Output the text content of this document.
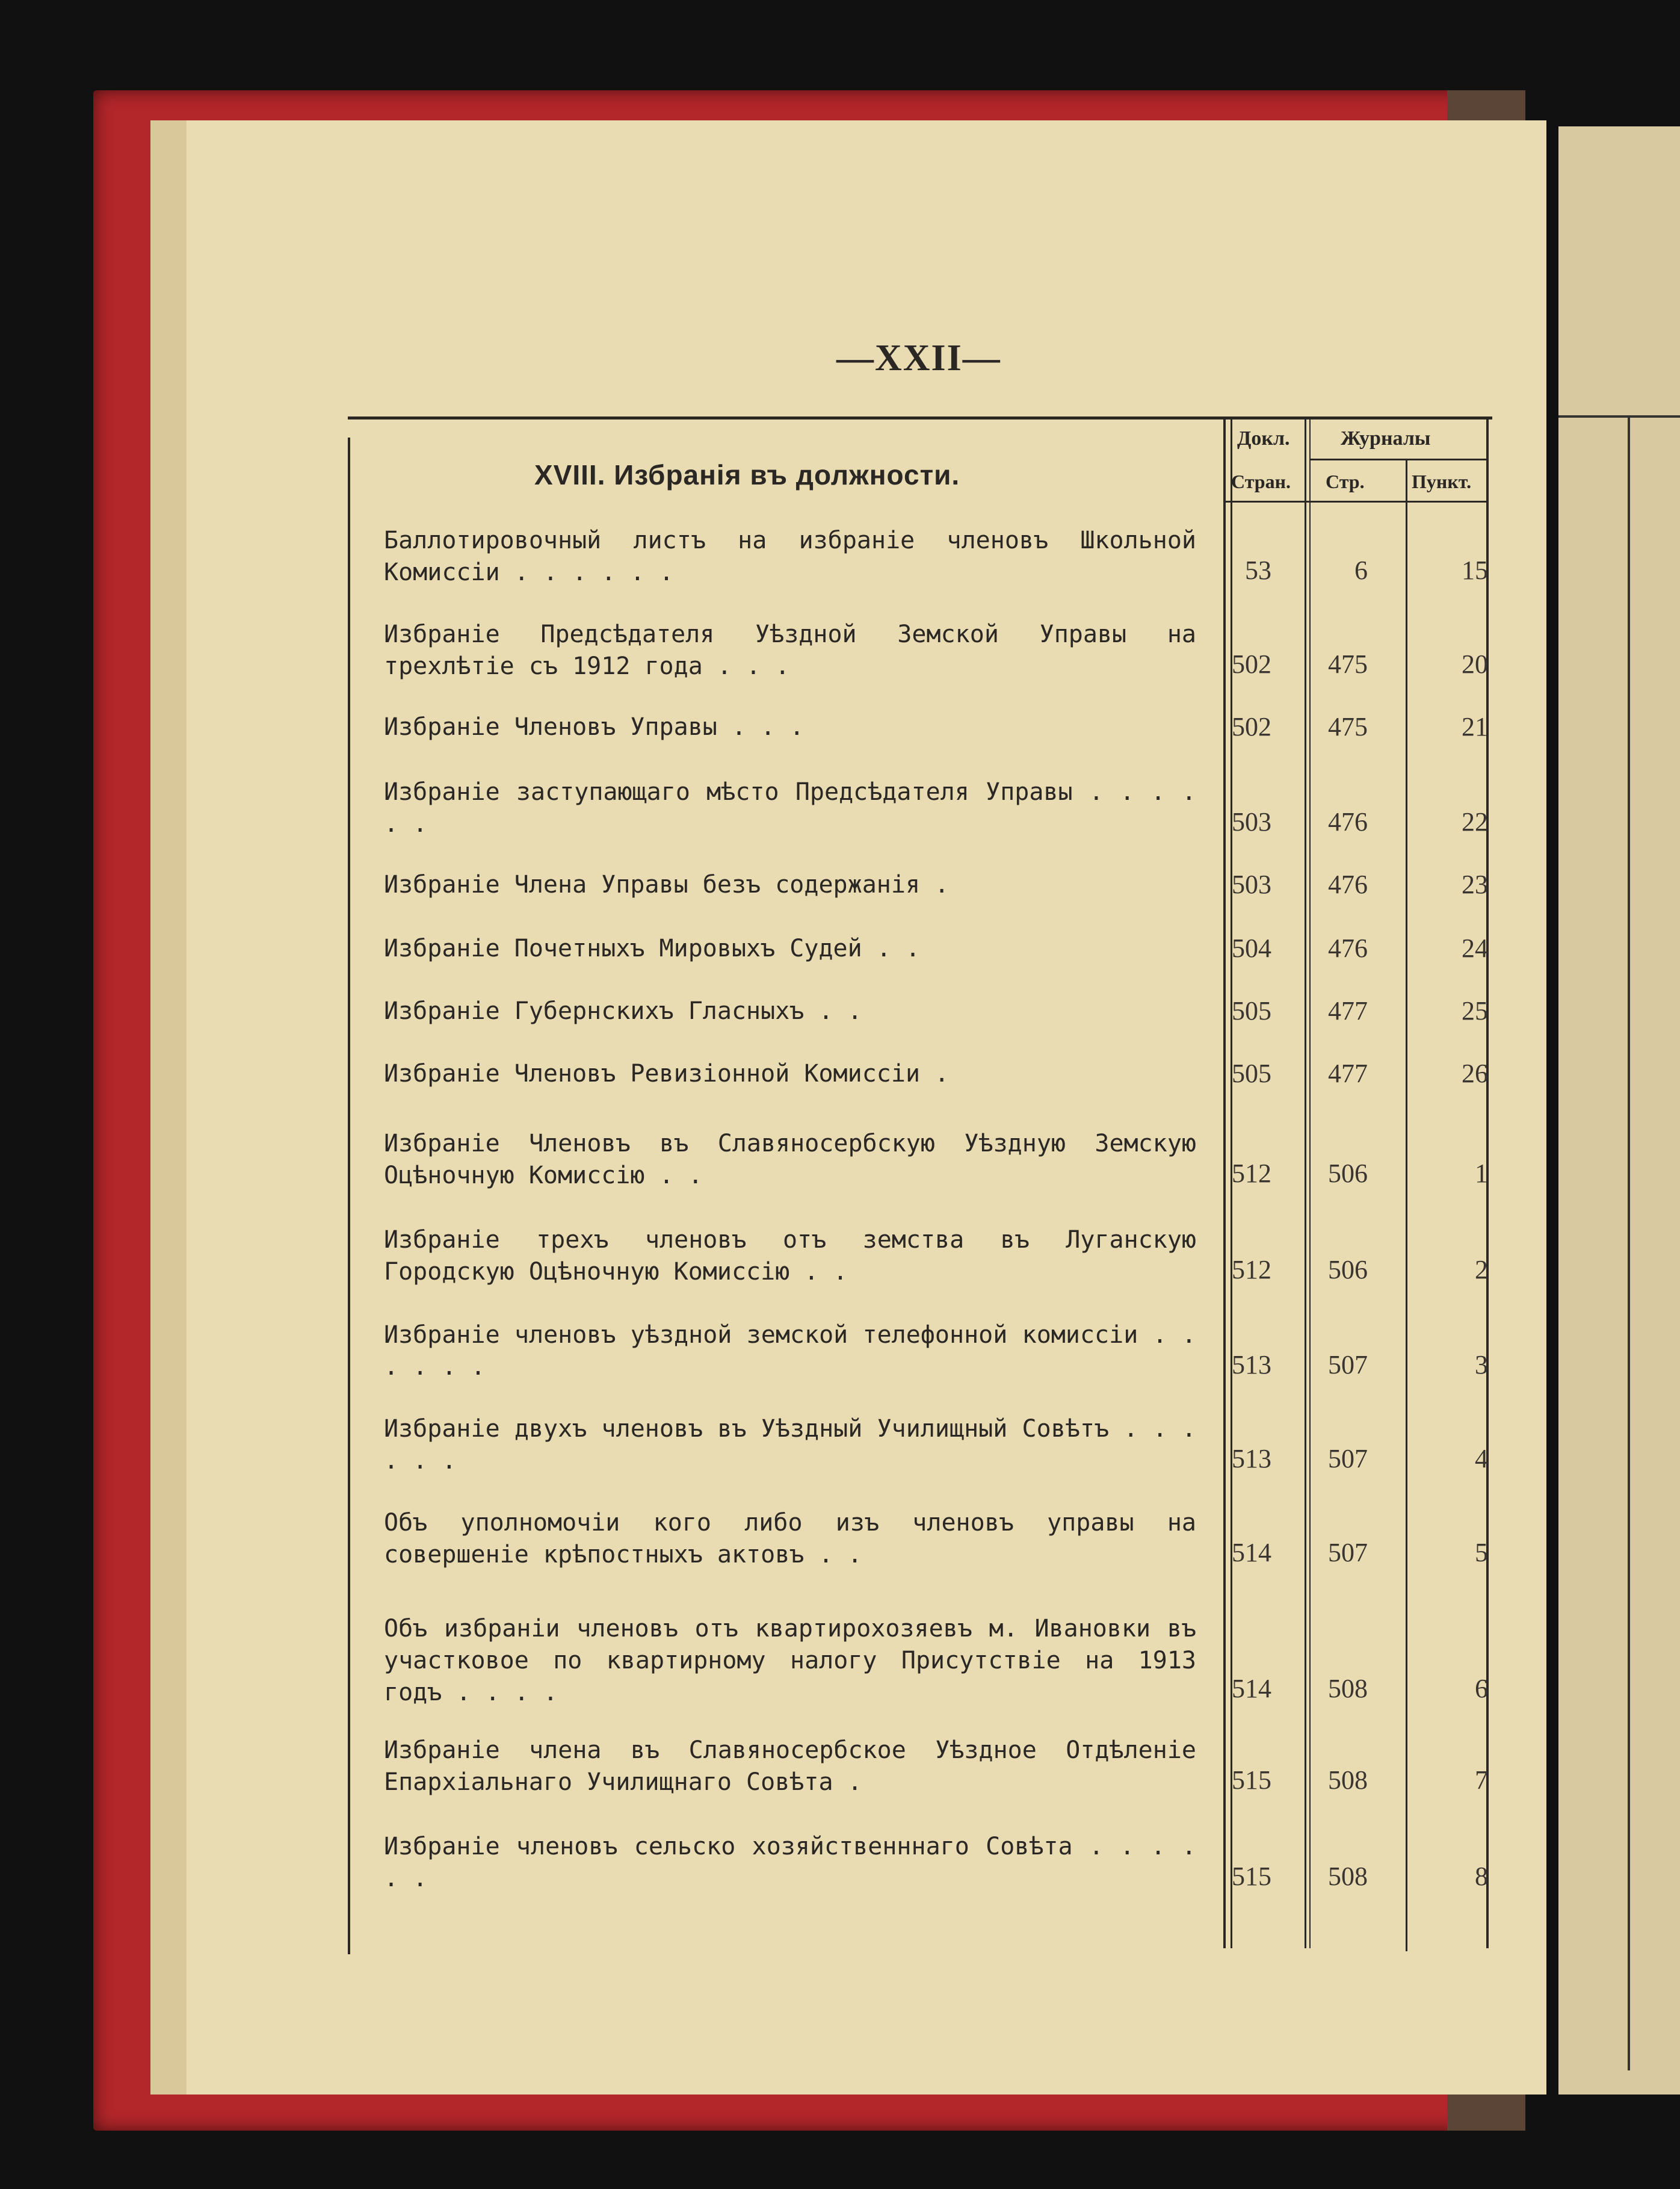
—XXII—
Докл.
Стран.
Журналы
Стр. Пункт.
XVIII. Избранія въ должности.
Баллотировочный листъ на избраніе членовъ Школьной Комиссіи . . . . . .	53	6	15
Избраніе Предсѣдателя Уѣздной Земской Управы на трехлѣтіе съ 1912 года . . .	502	475	20
Избраніе Членовъ Управы . . .	502	475	21
Избраніе заступающаго мѣсто Предсѣдателя Управы . . . . . .	503	476	22
Избраніе Члена Управы безъ содержанія .	503	476	23
Избраніе Почетныхъ Мировыхъ Судей . .	504	476	24
Избраніе Губернскихъ Гласныхъ . .	505	477	25
Избраніе Членовъ Ревизіонной Комиссіи .	505	477	26
Избраніе Членовъ въ Славяносербскую Уѣздную Земскую Оцѣночную Комиссію . .	512	506	1
Избраніе трехъ членовъ отъ земства въ Луганскую Городскую Оцѣночную Комиссію . .	512	506	2
Избраніе членовъ уѣздной земской телефонной комиссіи . . . . . .	513	507	3
Избраніе двухъ членовъ въ Уѣздный Училищный Совѣтъ . . . . . .	513	507	4
Объ уполномочіи кого либо изъ членовъ управы на совершеніе крѣпостныхъ актовъ . .	514	507	5
Объ избраніи членовъ отъ квартирохозяевъ м. Ивановки въ участковое по квартирному налогу Присутствіе на 1913 годъ . . . .	514	508	6
Избраніе члена въ Славяносербское Уѣздное Отдѣленіе Епархіальнаго Училищнаго Совѣта .	515	508	7
Избраніе членовъ сельско хозяйственннаго Совѣта . . . . . .	515	508	8
